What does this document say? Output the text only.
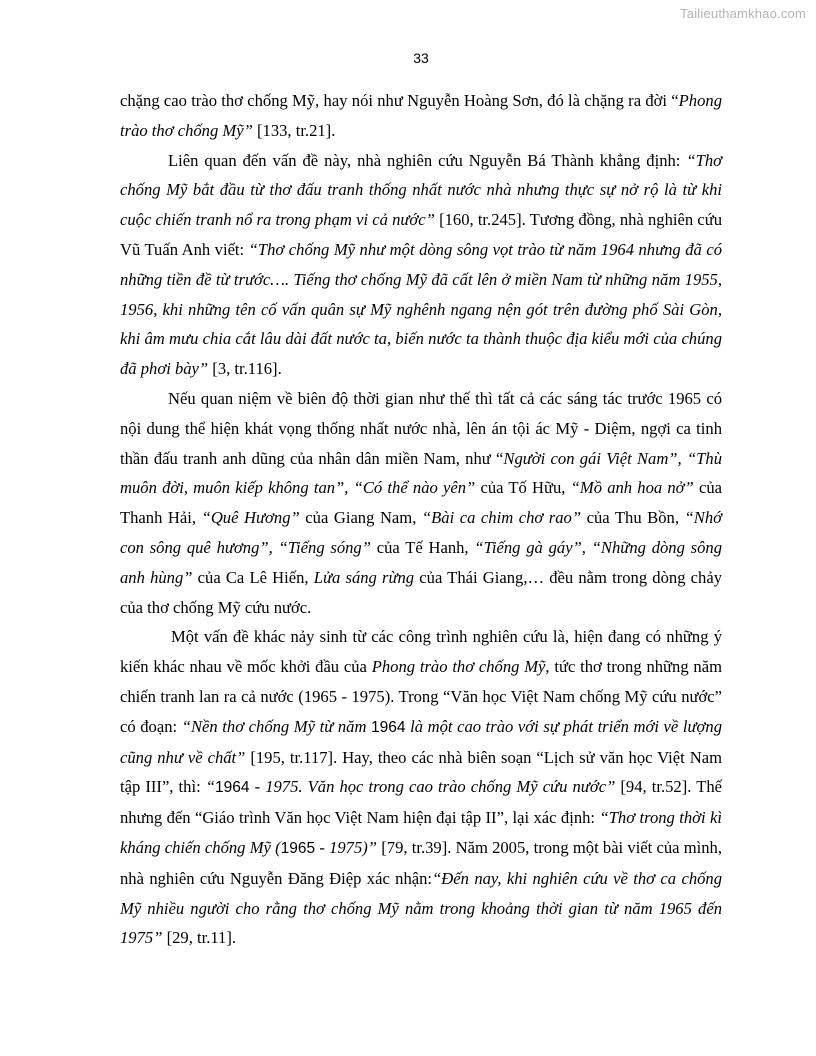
Tailieuthamkhao.com
33

chặng cao trào thơ chống Mỹ, hay nói như Nguyễn Hoàng Sơn, đó là chặng ra đời “Phong trào thơ chống Mỹ” [133, tr.21].

Liên quan đến vấn đề này, nhà nghiên cứu Nguyễn Bá Thành khẳng định: “Thơ chống Mỹ bắt đầu từ thơ đấu tranh thống nhất nước nhà nhưng thực sự nở rộ là từ khi cuộc chiến tranh nổ ra trong phạm vi cả nước” [160, tr.245]. Tương đồng, nhà nghiên cứu Vũ Tuấn Anh viết: “Thơ chống Mỹ như một dòng sông vọt trào từ năm 1964 nhưng đã có những tiền đề từ trước…. Tiếng thơ chống Mỹ đã cất lên ở miền Nam từ những năm 1955, 1956, khi những tên cố vấn quân sự Mỹ nghênh ngang nện gót trên đường phố Sài Gòn, khi âm mưu chia cắt lâu dài đất nước ta, biến nước ta thành thuộc địa kiểu mới của chúng đã phơi bày” [3, tr.116].

Nếu quan niệm về biên độ thời gian như thế thì tất cả các sáng tác trước 1965 có nội dung thể hiện khát vọng thống nhất nước nhà, lên án tội ác Mỹ - Diệm, ngợi ca tinh thần đấu tranh anh dũng của nhân dân miền Nam, như “Người con gái Việt Nam”, “Thù muôn đời, muôn kiếp không tan”, “Có thể nào yên” của Tố Hữu, “Mồ anh hoa nở” của Thanh Hải, “Quê Hương” của Giang Nam, “Bài ca chim chơ rao” của Thu Bồn, “Nhớ con sông quê hương”, “Tiếng sóng” của Tế Hanh, “Tiếng gà gáy”, “Những dòng sông anh hùng” của Ca Lê Hiến, Lửa sáng rừng của Thái Giang,… đều nằm trong dòng chảy của thơ chống Mỹ cứu nước.

Một vấn đề khác nảy sinh từ các công trình nghiên cứu là, hiện đang có những ý kiến khác nhau về mốc khởi đầu của Phong trào thơ chống Mỹ, tức thơ trong những năm chiến tranh lan ra cả nước (1965 - 1975). Trong “Văn học Việt Nam chống Mỹ cứu nước” có đoạn: “Nền thơ chống Mỹ từ năm 1964 là một cao trào với sự phát triển mới về lượng cũng như về chất” [195, tr.117]. Hay, theo các nhà biên soạn “Lịch sử văn học Việt Nam tập III”, thì: “1964 - 1975. Văn học trong cao trào chống Mỹ cứu nước” [94, tr.52]. Thế nhưng đến “Giáo trình Văn học Việt Nam hiện đại tập II”, lại xác định: “Thơ trong thời kì kháng chiến chống Mỹ (1965 - 1975)” [79, tr.39]. Năm 2005, trong một bài viết của mình, nhà nghiên cứu Nguyễn Đăng Điệp xác nhận:“Đến nay, khi nghiên cứu về thơ ca chống Mỹ nhiều người cho rằng thơ chống Mỹ nằm trong khoảng thời gian từ năm 1965 đến 1975” [29, tr.11].
